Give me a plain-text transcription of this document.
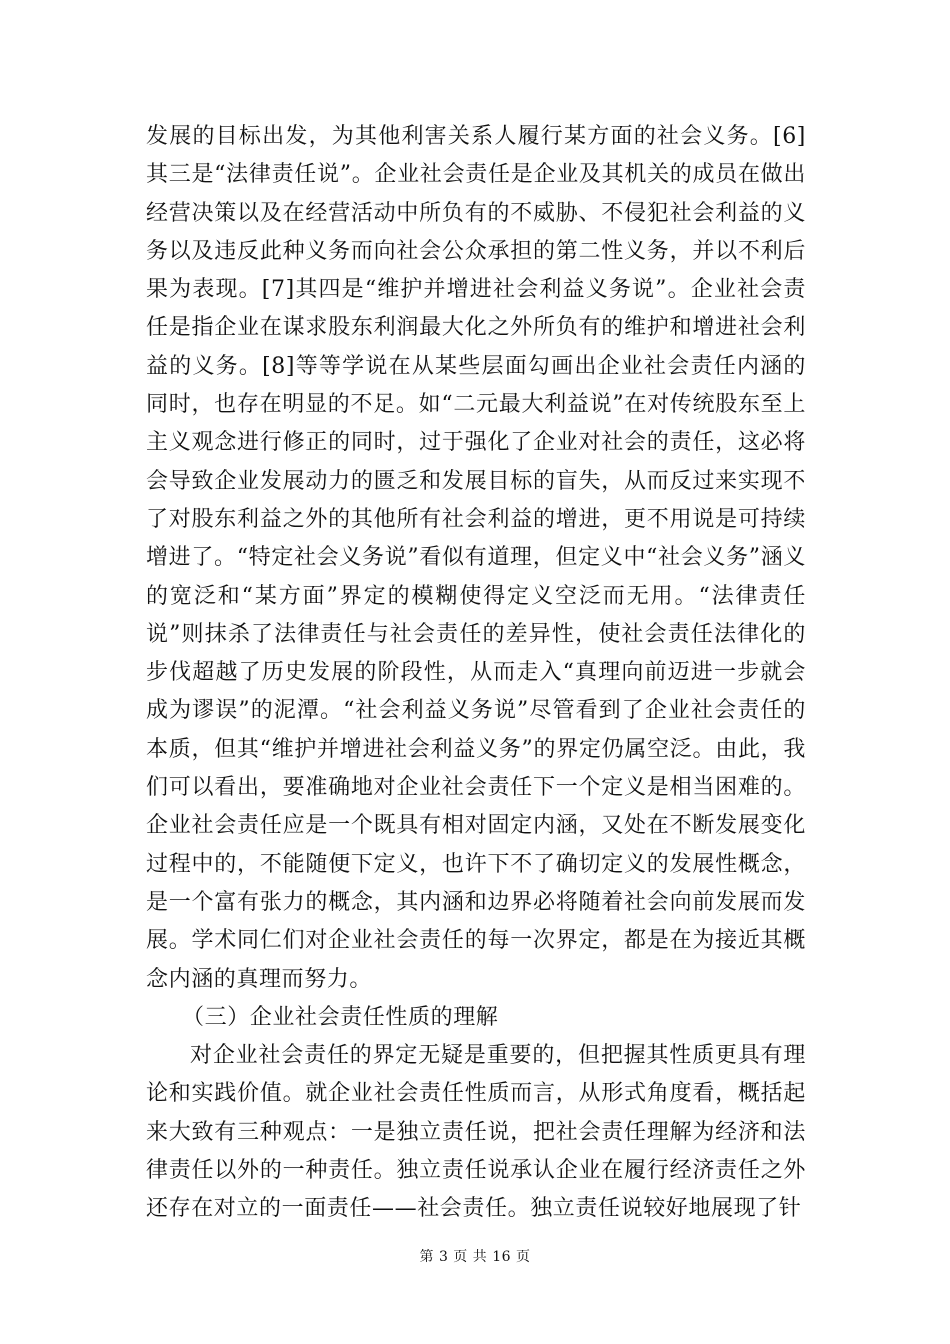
发展的目标出发，为其他利害关系人履行某方面的社会义务。[6]其三是“法律责任说”。企业社会责任是企业及其机关的成员在做出经营决策以及在经营活动中所负有的不威胁、不侵犯社会利益的义务以及违反此种义务而向社会公众承担的第二性义务，并以不利后果为表现。[7]其四是“维护并增进社会利益义务说”。企业社会责任是指企业在谋求股东利润最大化之外所负有的维护和增进社会利益的义务。[8]等等学说在从某些层面勾画出企业社会责任内涵的同时，也存在明显的不足。如“二元最大利益说”在对传统股东至上主义观念进行修正的同时，过于强化了企业对社会的责任，这必将会导致企业发展动力的匮乏和发展目标的盲失，从而反过来实现不了对股东利益之外的其他所有社会利益的增进，更不用说是可持续增进了。“特定社会义务说”看似有道理，但定义中“社会义务”涵义的宽泛和“某方面”界定的模糊使得定义空泛而无用。“法律责任说”则抹杀了法律责任与社会责任的差异性，使社会责任法律化的步伐超越了历史发展的阶段性，从而走入“真理向前迈进一步就会成为谬误”的泥潭。“社会利益义务说”尽管看到了企业社会责任的本质，但其“维护并增进社会利益义务”的界定仍属空泛。由此，我们可以看出，要准确地对企业社会责任下一个定义是相当困难的。企业社会责任应是一个既具有相对固定内涵，又处在不断发展变化过程中的，不能随便下定义，也许下不了确切定义的发展性概念，是一个富有张力的概念，其内涵和边界必将随着社会向前发展而发展。学术同仁们对企业社会责任的每一次界定，都是在为接近其概念内涵的真理而努力。

（三）企业社会责任性质的理解

对企业社会责任的界定无疑是重要的，但把握其性质更具有理论和实践价值。就企业社会责任性质而言，从形式角度看，概括起来大致有三种观点：一是独立责任说，把社会责任理解为经济和法律责任以外的一种责任。独立责任说承认企业在履行经济责任之外还存在对立的一面责任——社会责任。独立责任说较好地展现了针

第 3 页 共 16 页
